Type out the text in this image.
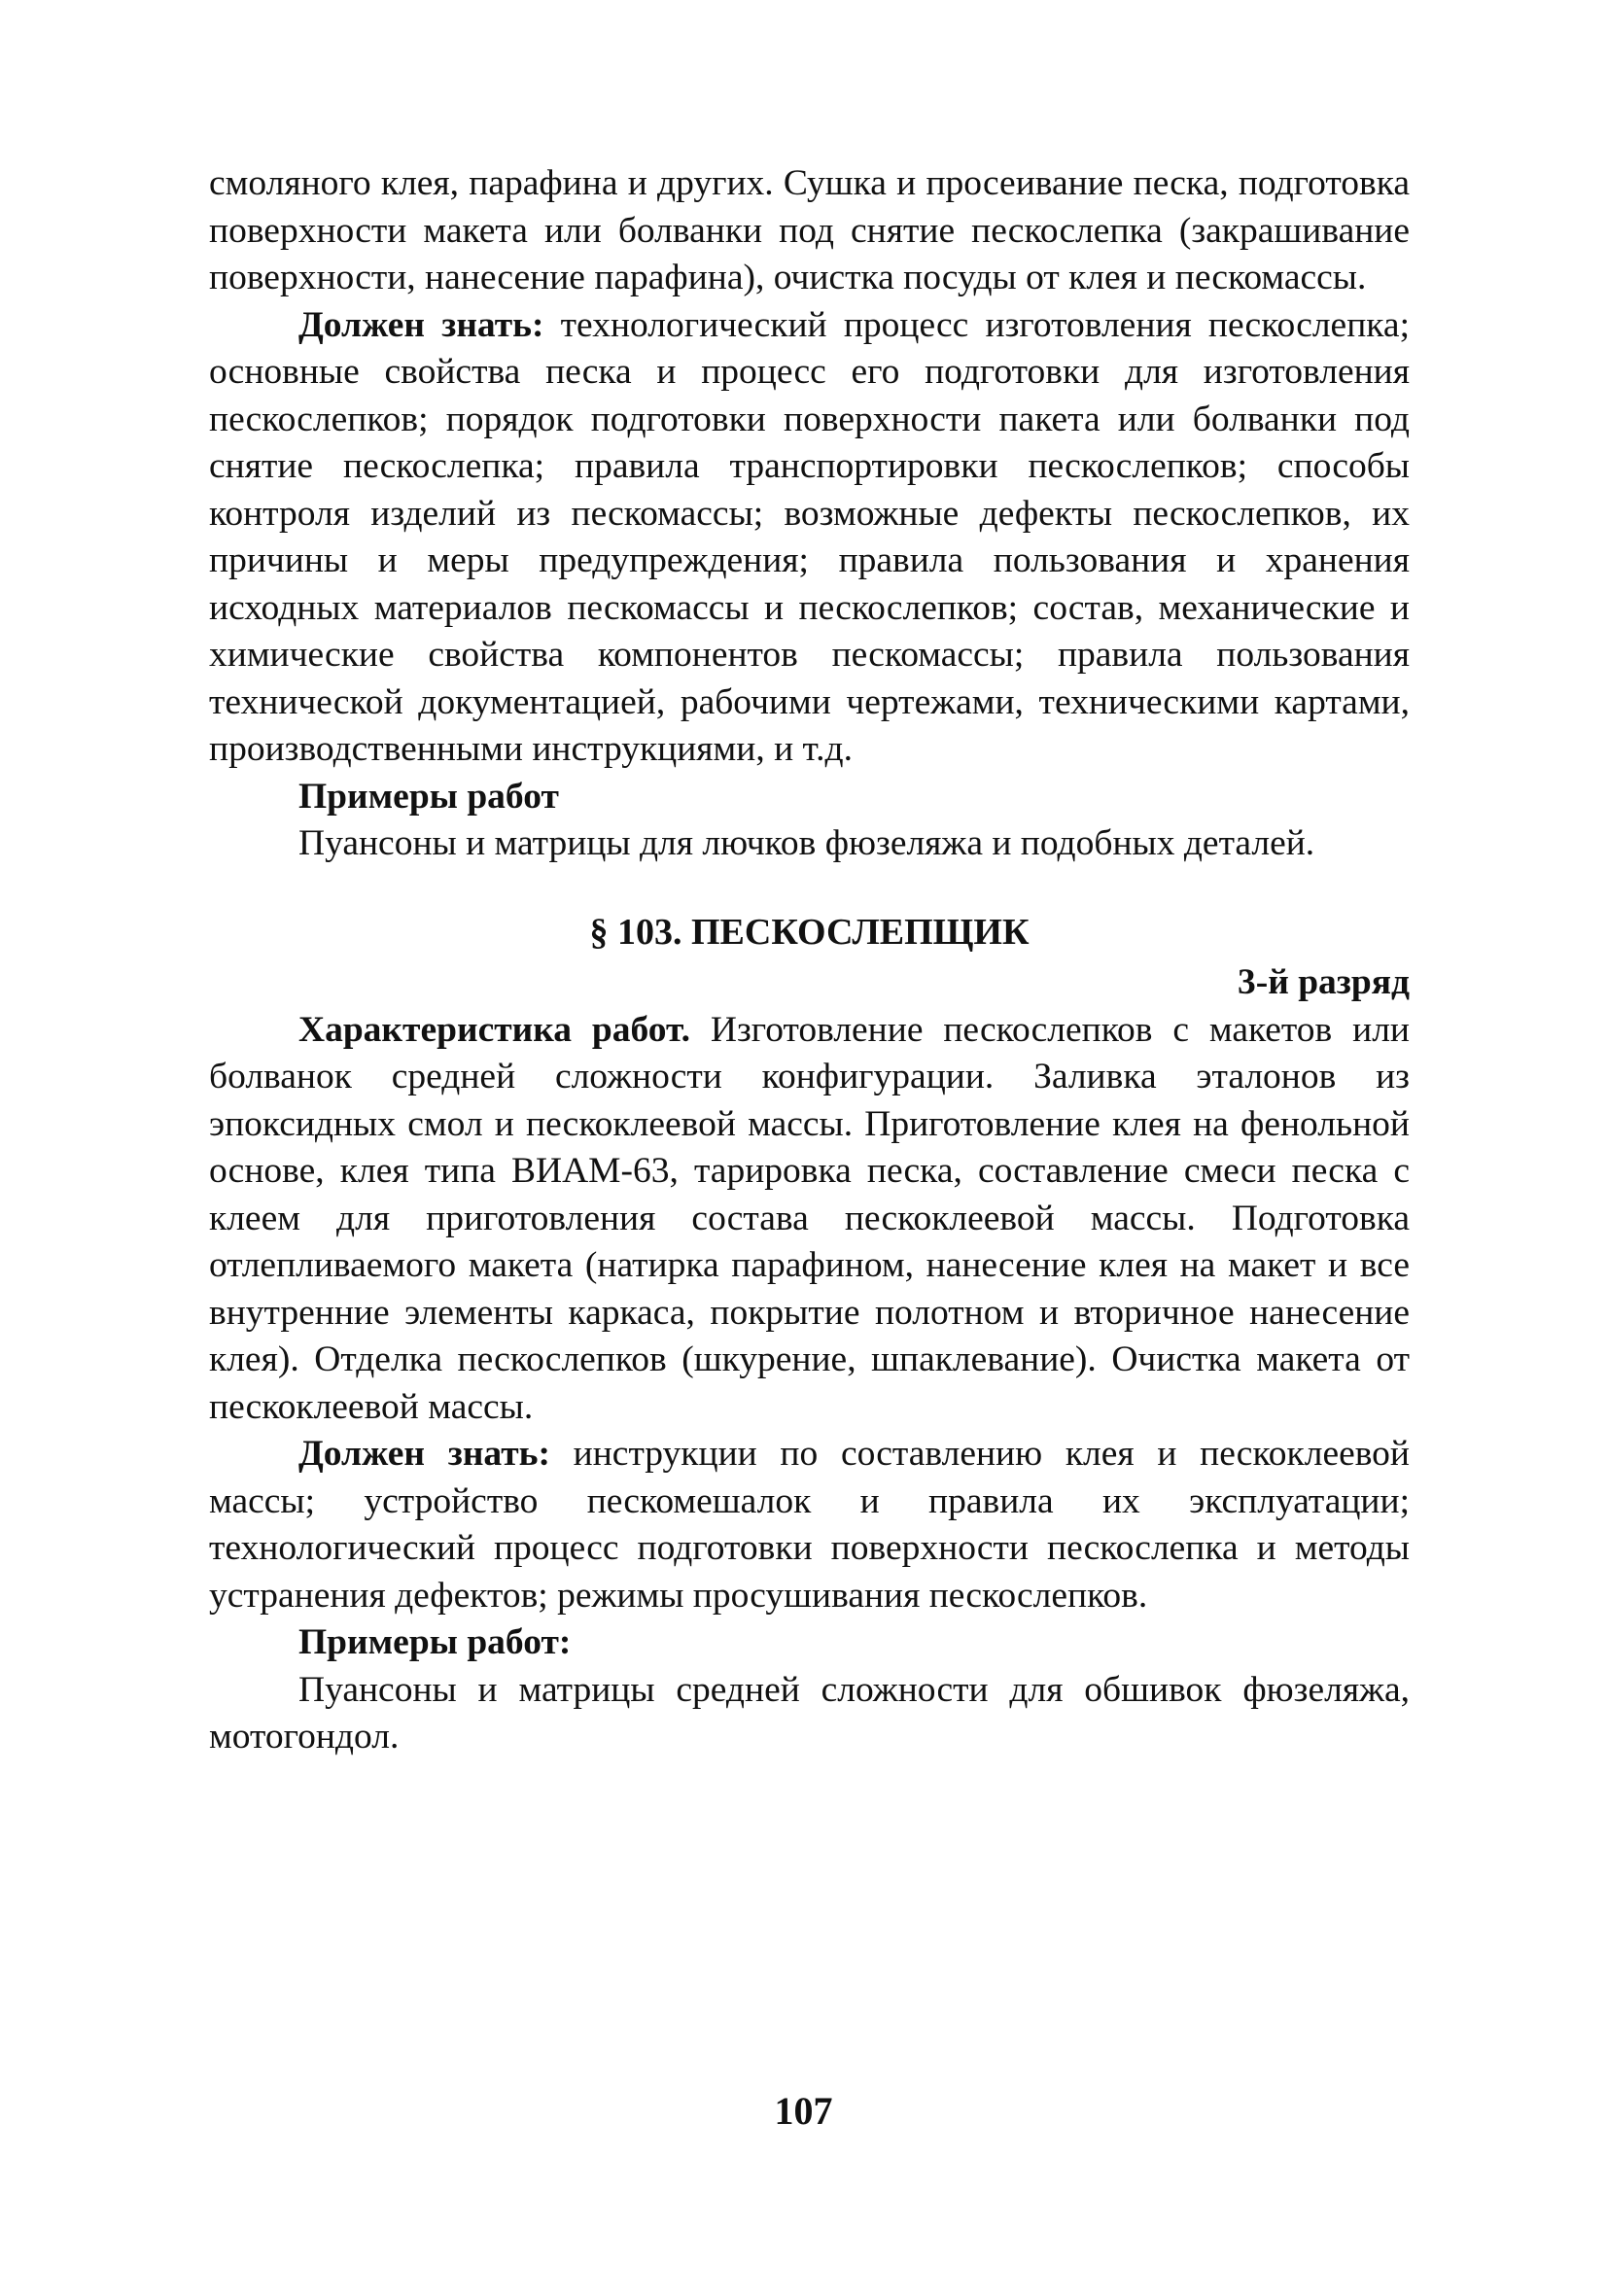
смоляного клея, парафина и других. Сушка и просеивание песка, подготовка поверхности макета или болванки под снятие пескослепка (закрашивание поверхности, нанесение парафина), очистка посуды от клея и пескомассы.

Должен знать: технологический процесс изготовления пескослепка; основные свойства песка и процесс его подготовки для изготовления пескослепков; порядок подготовки поверхности пакета или болванки под снятие пескослепка; правила транспортировки пескослепков; способы контроля изделий из пескомассы; возможные дефекты пескослепков, их причины и меры предупреждения; правила пользования и хранения исходных материалов пескомассы и пескослепков; состав, механические и химические свойства компонентов пескомассы; правила пользования технической документацией, рабочими чертежами, техническими картами, производственными инструкциями, и т.д.

Примеры работ

Пуансоны и матрицы для лючков фюзеляжа и подобных деталей.

§ 103. ПЕСКОСЛЕПЩИК
3-й разряд

Характеристика работ. Изготовление пескослепков с макетов или болванок средней сложности конфигурации. Заливка эталонов из эпоксидных смол и пескоклеевой массы. Приготовление клея на фенольной основе, клея типа ВИАМ-63, тарировка песка, составление смеси песка с клеем для приготовления состава пескоклеевой массы. Подготовка отлепливаемого макета (натирка парафином, нанесение клея на макет и все внутренние элементы каркаса, покрытие полотном и вторичное нанесение клея). Отделка пескослепков (шкурение, шпаклевание). Очистка макета от пескоклеевой массы.

Должен знать: инструкции по составлению клея и пескоклеевой массы; устройство пескомешалок и правила их эксплуатации; технологический процесс подготовки поверхности пескослепка и методы устранения дефектов; режимы просушивания пескослепков.

Примеры работ:

Пуансоны и матрицы средней сложности для обшивок фюзеляжа, мотогондол.

107
